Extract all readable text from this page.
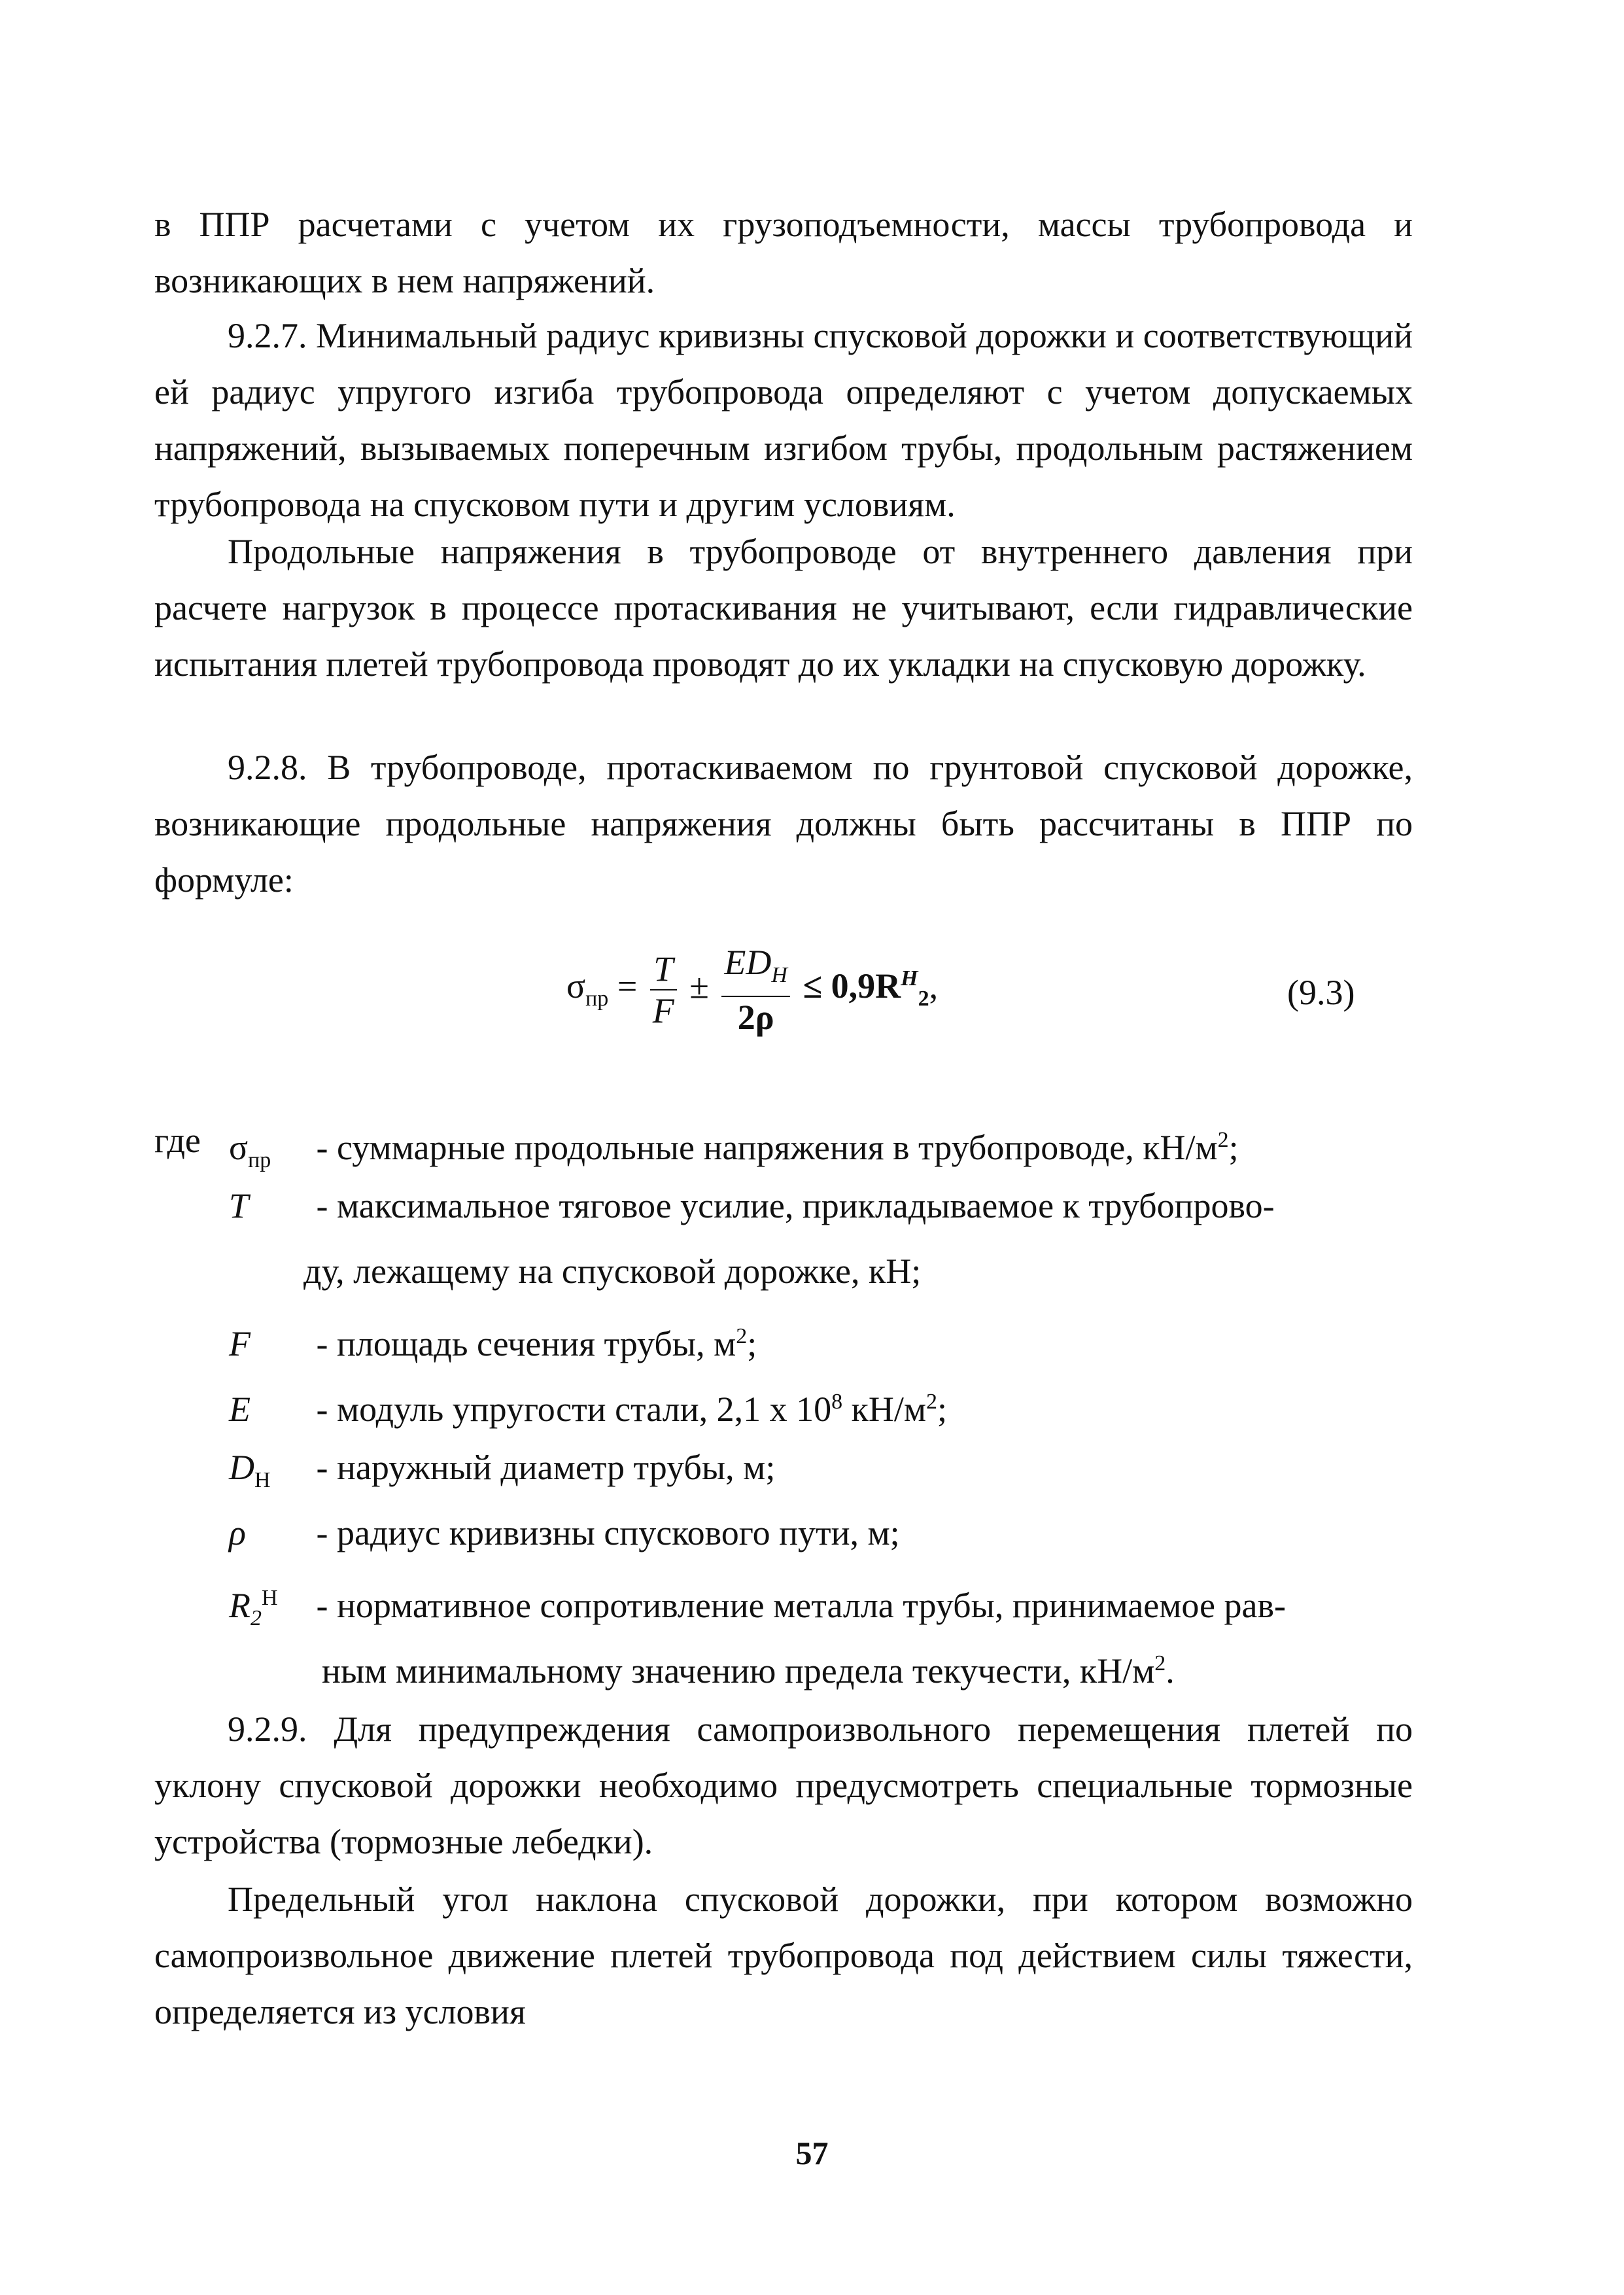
в ППР расчетами с учетом их грузоподъемности, массы трубопровода и возникающих в нем напряжений.

9.2.7. Минимальный радиус кривизны спусковой дорожки и соответствующий ей радиус упругого изгиба трубопровода определяют с учетом допускаемых напряжений, вызываемых поперечным изгибом трубы, продольным растяжением трубопровода на спусковом пути и другим условиям.

Продольные напряжения в трубопроводе от внутреннего давления при расчете нагрузок в процессе протаскивания не учитывают, если гидравлические испытания плетей трубопровода проводят до их укладки на спусковую дорожку.

9.2.8. В трубопроводе, протаскиваемом по грунтовой спусковой дорожке, возникающие продольные напряжения должны быть рассчитаны в ППР по формуле:

$\sigma_{пр} = \frac{T}{F} \pm \frac{ED_H}{2\rho} \le 0,9R^H_2$,	(9.3)
где $\sigma_{пр}$ - суммарные продольные напряжения в трубопроводе, $кН/м^2$;
T - максимальное тяговое усилие, прикладываемое к трубопрово-
ду, лежащему на спусковой дорожке, кН;
F - площадь сечения трубы, $м^2$;
E - модуль упругости стали, 2,1 х $10^8$ $кН/м^2$;
$D_Н$ - наружный диаметр трубы, м;
ρ - радиус кривизны спускового пути, м;
$R_2^Н$ - нормативное сопротивление металла трубы, принимаемое рав-
ным минимальному значению предела текучести, $кН/м^2$.

9.2.9. Для предупреждения самопроизвольного перемещения плетей по уклону спусковой дорожки необходимо предусмотреть специальные тормозные устройства (тормозные лебедки).

Предельный угол наклона спусковой дорожки, при котором возможно самопроизвольное движение плетей трубопровода под действием силы тяжести, определяется из условия

57
